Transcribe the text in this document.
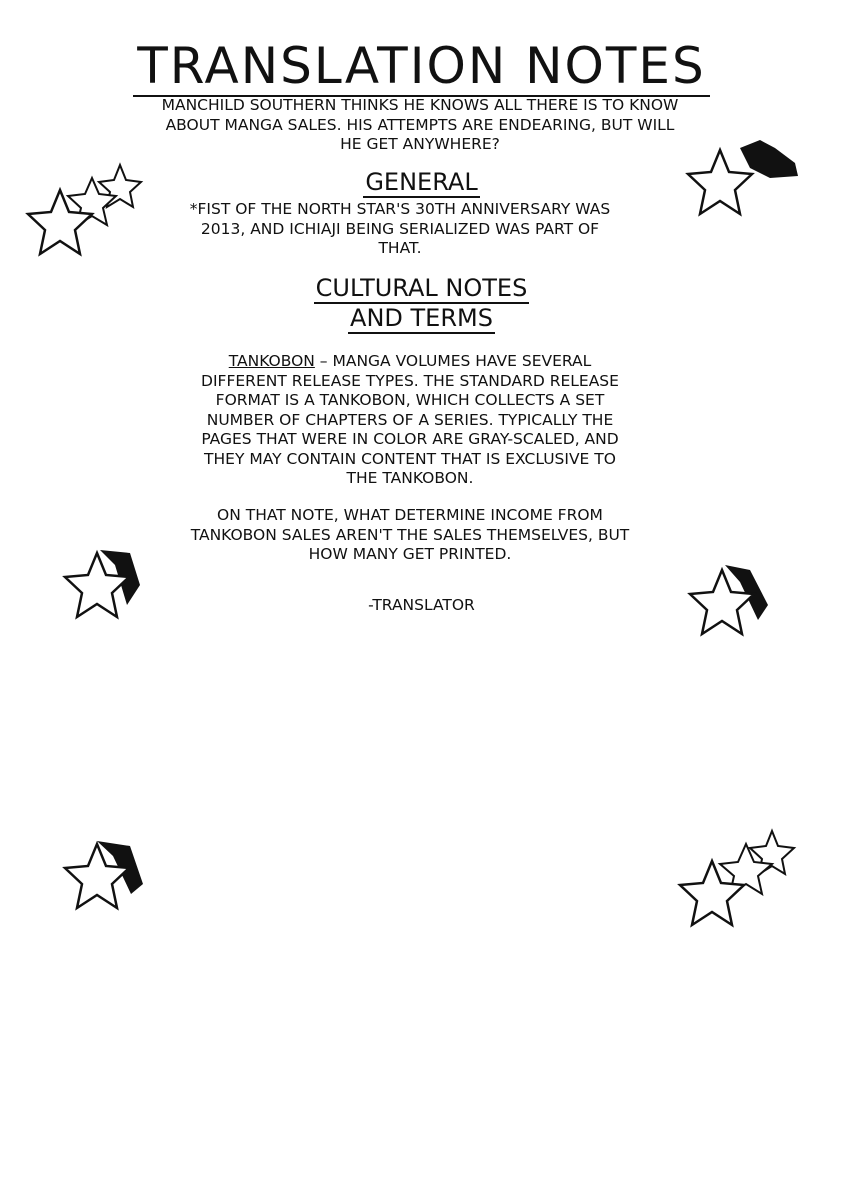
TRANSLATION NOTES
MANCHILD SOUTHERN THINKS HE KNOWS ALL THERE IS TO KNOW ABOUT MANGA SALES. HIS ATTEMPTS ARE ENDEARING, BUT WILL HE GET ANYWHERE?
GENERAL
*FIST OF THE NORTH STAR'S 30TH ANNIVERSARY WAS 2013, AND ICHIAJI BEING SERIALIZED WAS PART OF THAT.
CULTURAL NOTES
AND TERMS
TANKOBON – MANGA VOLUMES HAVE SEVERAL DIFFERENT RELEASE TYPES. THE STANDARD RELEASE FORMAT IS A TANKOBON, WHICH COLLECTS A SET NUMBER OF CHAPTERS OF A SERIES. TYPICALLY THE PAGES THAT WERE IN COLOR ARE GRAY-SCALED, AND THEY MAY CONTAIN CONTENT THAT IS EXCLUSIVE TO THE TANKOBON.
ON THAT NOTE, WHAT DETERMINE INCOME FROM TANKOBON SALES AREN'T THE SALES THEMSELVES, BUT HOW MANY GET PRINTED.
-TRANSLATOR
